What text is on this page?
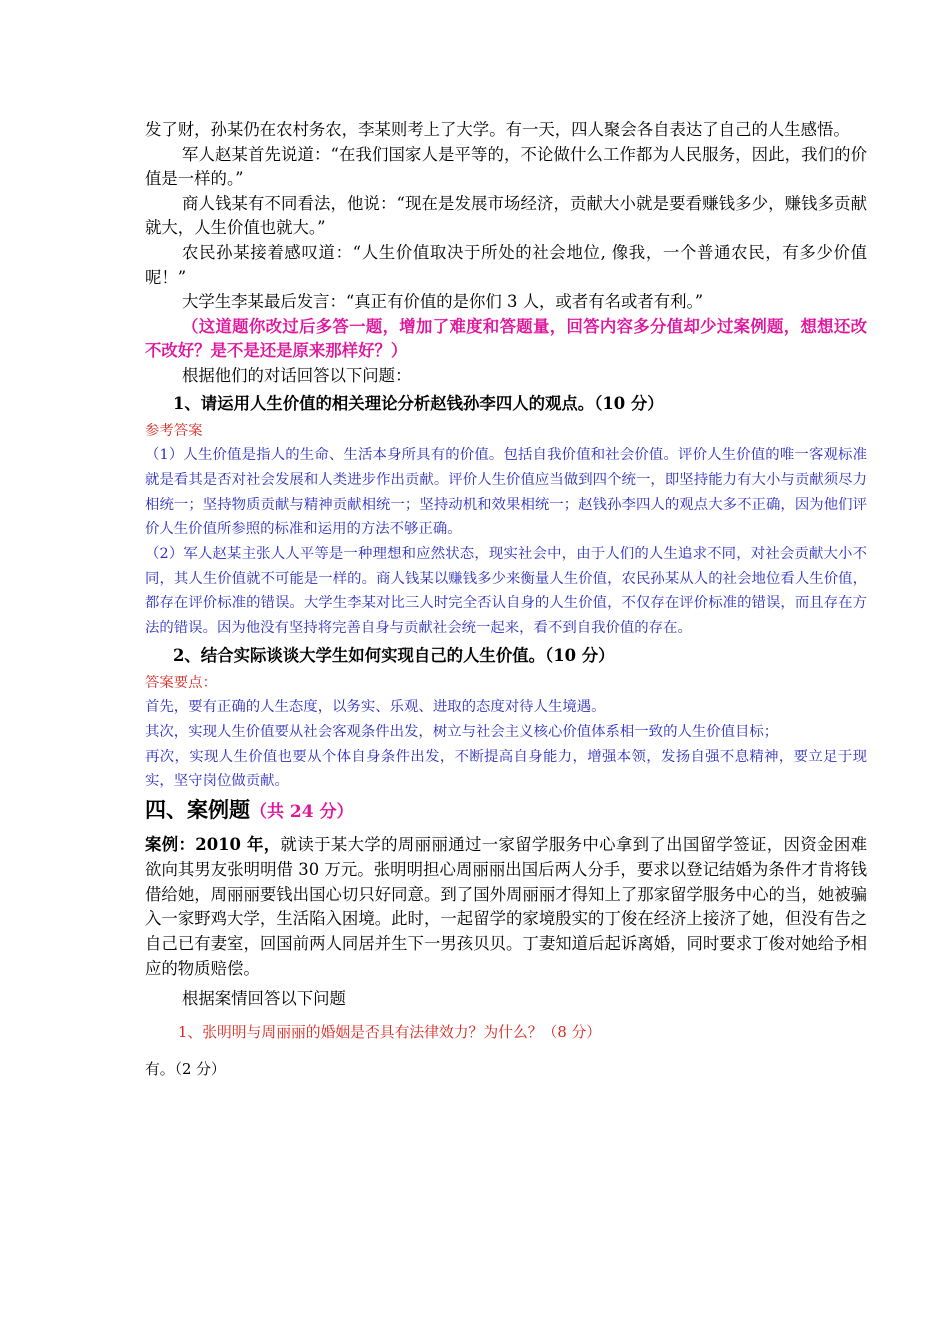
发了财，孙某仍在农村务农，李某则考上了大学。有一天，四人聚会各自表达了自己的人生感悟。

军人赵某首先说道：“在我们国家人是平等的，不论做什么工作都为人民服务，因此，我们的价值是一样的。”

商人钱某有不同看法，他说：“现在是发展市场经济，贡献大小就是要看赚钱多少，赚钱多贡献就大，人生价值也就大。”

农民孙某接着感叹道：“人生价值取决于所处的社会地位, 像我，一个普通农民，有多少价值呢！”

大学生李某最后发言：“真正有价值的是你们 3 人，或者有名或者有利。”

（这道题你改过后多答一题，增加了难度和答题量，回答内容多分值却少过案例题，想想还改不改好？是不是还是原来那样好？）

根据他们的对话回答以下问题：

1、请运用人生价值的相关理论分析赵钱孙李四人的观点。（10 分）

参考答案

（1）人生价值是指人的生命、生活本身所具有的价值。包括自我价值和社会价值。评价人生价值的唯一客观标准就是看其是否对社会发展和人类进步作出贡献。评价人生价值应当做到四个统一，即坚持能力有大小与贡献须尽力相统一；坚持物质贡献与精神贡献相统一；坚持动机和效果相统一；赵钱孙李四人的观点大多不正确，因为他们评价人生价值所参照的标准和运用的方法不够正确。

（2）军人赵某主张人人平等是一种理想和应然状态，现实社会中，由于人们的人生追求不同，对社会贡献大小不同，其人生价值就不可能是一样的。商人钱某以赚钱多少来衡量人生价值，农民孙某从人的社会地位看人生价值，都存在评价标准的错误。大学生李某对比三人时完全否认自身的人生价值，不仅存在评价标准的错误，而且存在方法的错误。因为他没有坚持将完善自身与贡献社会统一起来，看不到自我价值的存在。

2、结合实际谈谈大学生如何实现自己的人生价值。（10 分）

答案要点：

首先，要有正确的人生态度，以务实、乐观、进取的态度对待人生境遇。

其次，实现人生价值要从社会客观条件出发，树立与社会主义核心价值体系相一致的人生价值目标；

再次，实现人生价值也要从个体自身条件出发，不断提高自身能力，增强本领，发扬自强不息精神，要立足于现实，坚守岗位做贡献。

四、案例题（共 24 分）

案例：2010 年，就读于某大学的周丽丽通过一家留学服务中心拿到了出国留学签证，因资金困难欲向其男友张明明借 30 万元。张明明担心周丽丽出国后两人分手，要求以登记结婚为条件才肯将钱借给她，周丽丽要钱出国心切只好同意。到了国外周丽丽才得知上了那家留学服务中心的当，她被骗入一家野鸡大学，生活陷入困境。此时，一起留学的家境殷实的丁俊在经济上接济了她，但没有告之自己已有妻室，回国前两人同居并生下一男孩贝贝。丁妻知道后起诉离婚，同时要求丁俊对她给予相应的物质赔偿。

根据案情回答以下问题

1、张明明与周丽丽的婚姻是否具有法律效力？为什么？（8 分）

有。（2 分）
